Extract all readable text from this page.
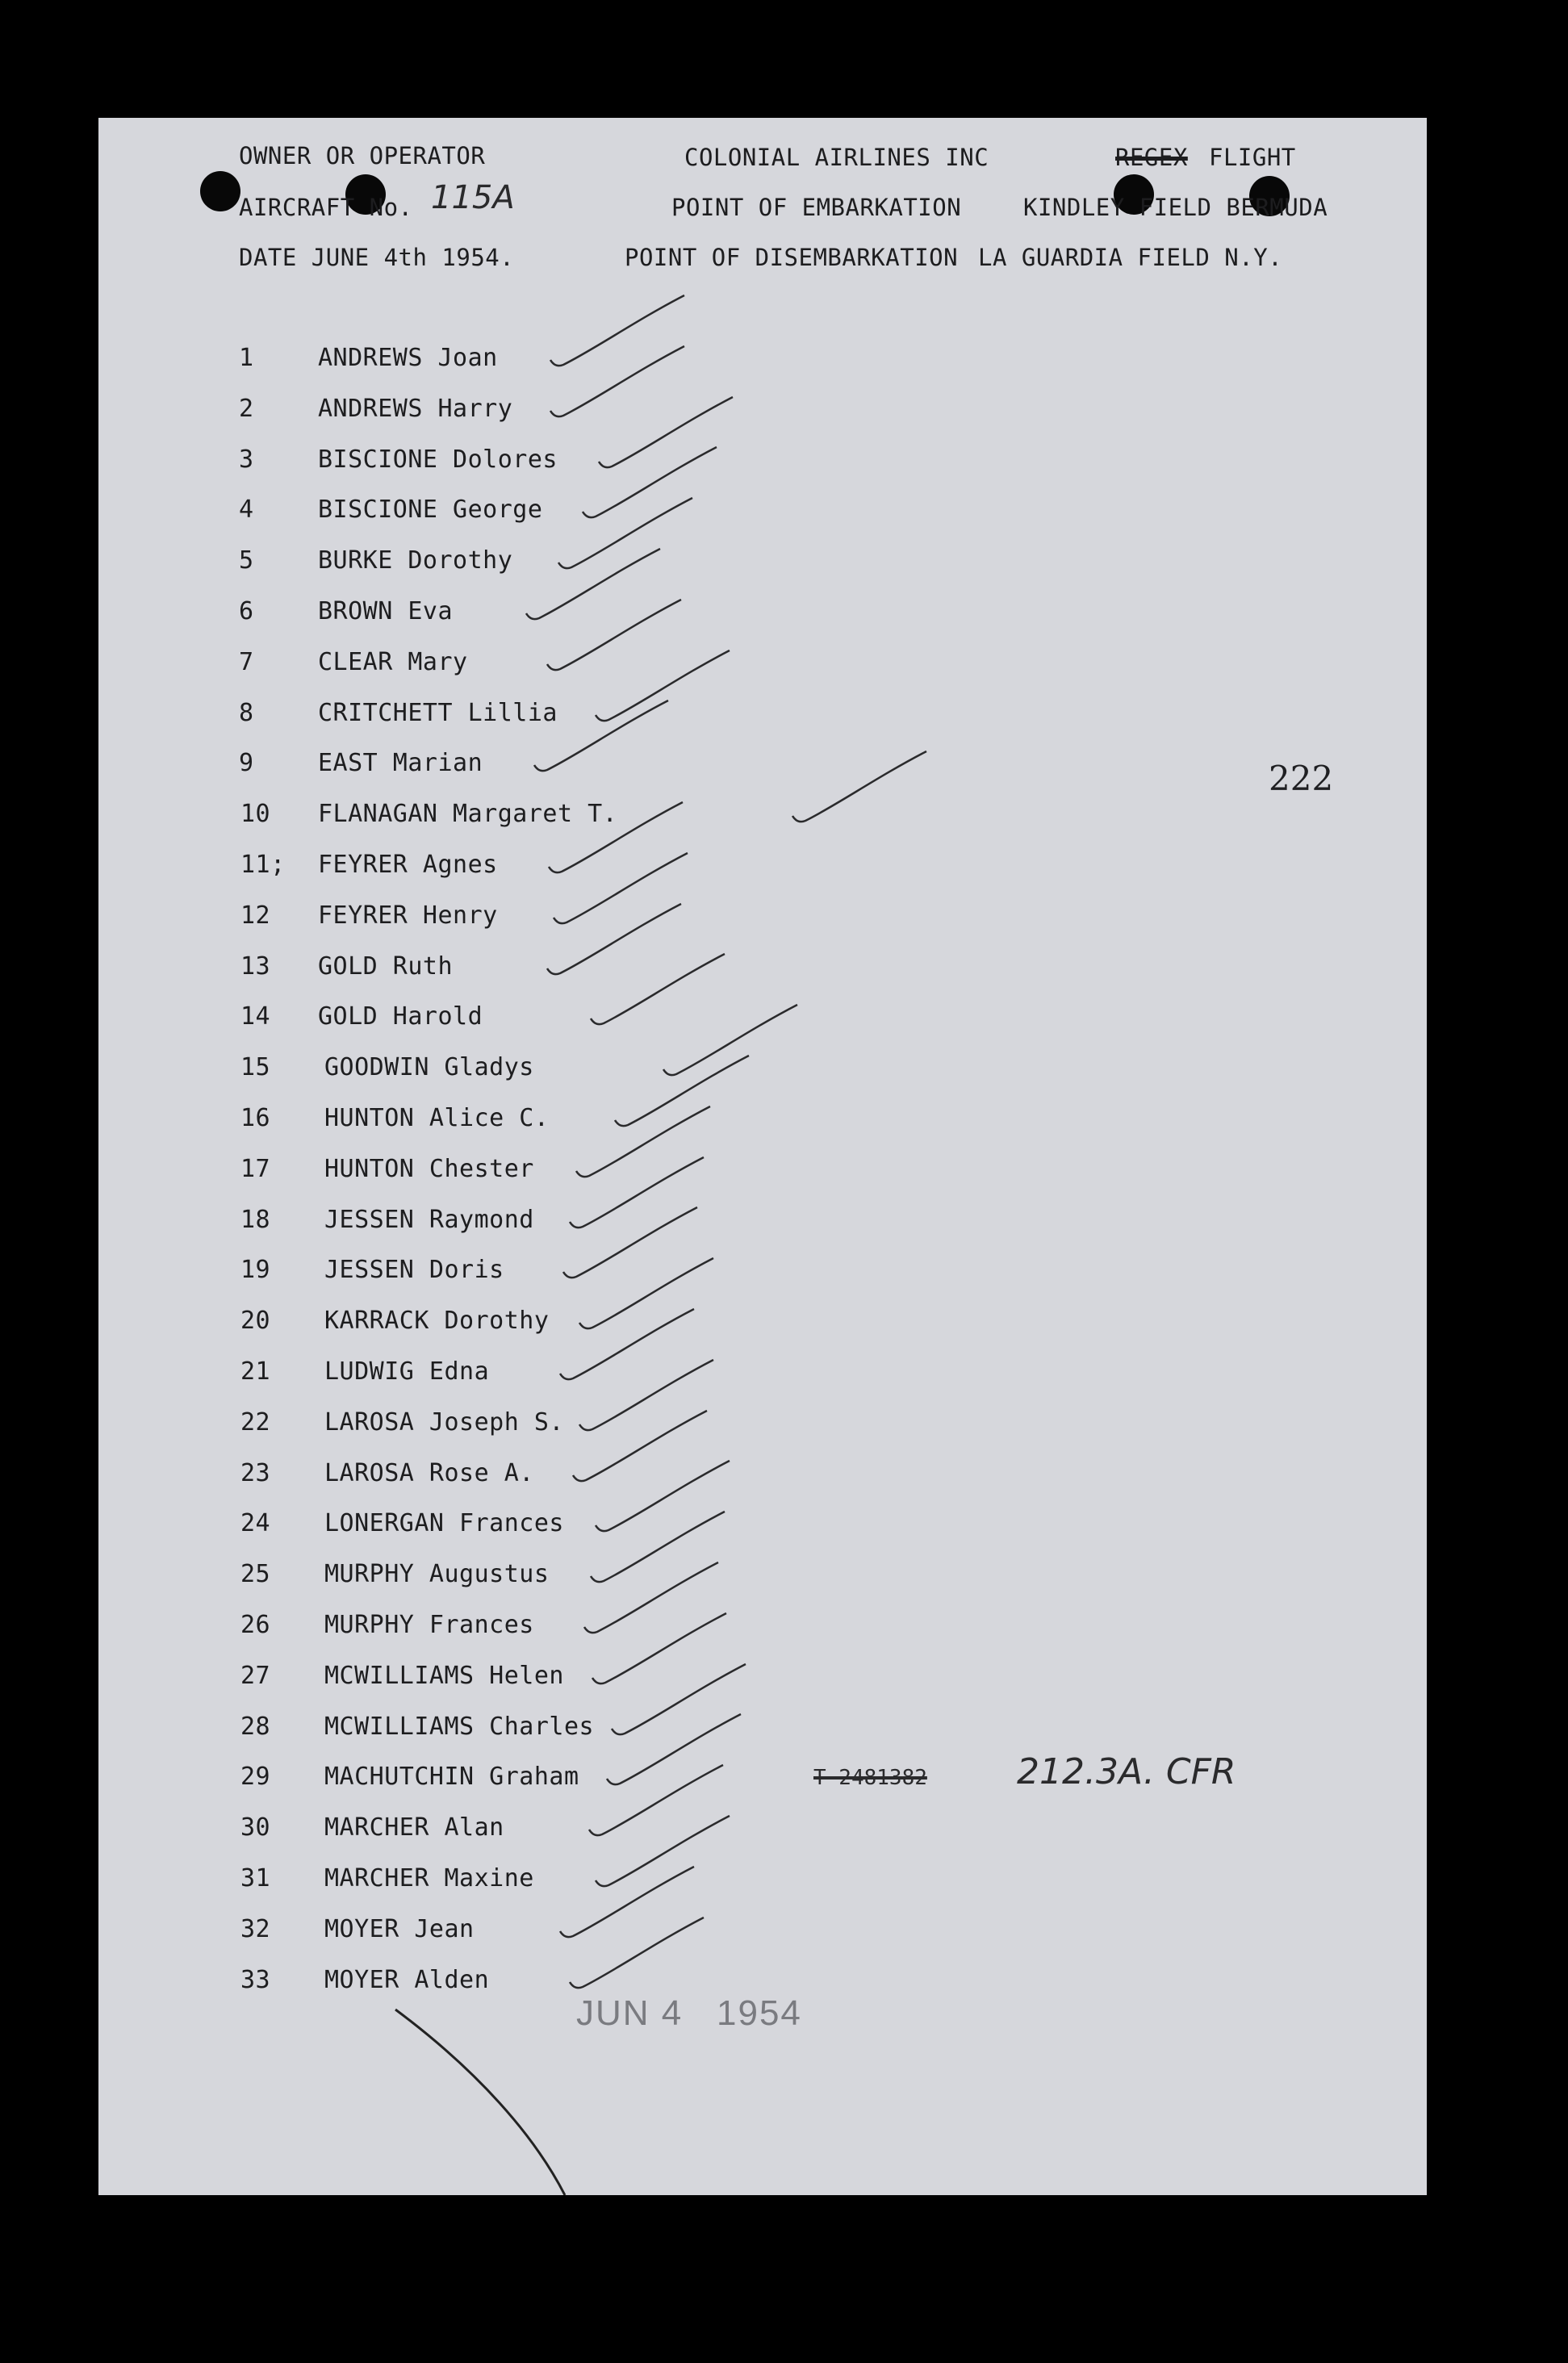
OWNER OR OPERATOR	COLONIAL AIRLINES INC	REGEX FLIGHT
AIRCRAFT No. 115A	POINT OF EMBARKATION	KINDLEY FIELD BERMUDA
DATE JUNE 4th 1954.	POINT OF DISEMBARKATION LA GUARDIA FIELD N.Y.
222
1	ANDREWS Joan
2	ANDREWS Harry
3	BISCIONE Dolores
4	BISCIONE George
5	BURKE Dorothy
6	BROWN Eva
7	CLEAR Mary
8	CRITCHETT Lillia
9	EAST Marian
10	FLANAGAN Margaret T.
11; FEYRER Agnes
12	FEYRER Henry
13	GOLD Ruth
14	GOLD Harold
15	GOODWIN Gladys
16	HUNTON Alice C.
17	HUNTON Chester
18	JESSEN Raymond
19	JESSEN Doris
20	KARRACK Dorothy
21	LUDWIG Edna
22	LAROSA Joseph S.
23	LAROSA Rose A.
24	LONERGAN Frances
25	MURPHY Augustus
26	MURPHY Frances
27	MCWILLIAMS Helen
28	MCWILLIAMS Charles
29	MACHUTCHIN Graham
30	MARCHER Alan
31	MARCHER Maxine
32	MOYER Jean
33	MOYER Alden
T-2481382	212.3A. CFR
JUN 4 1954
